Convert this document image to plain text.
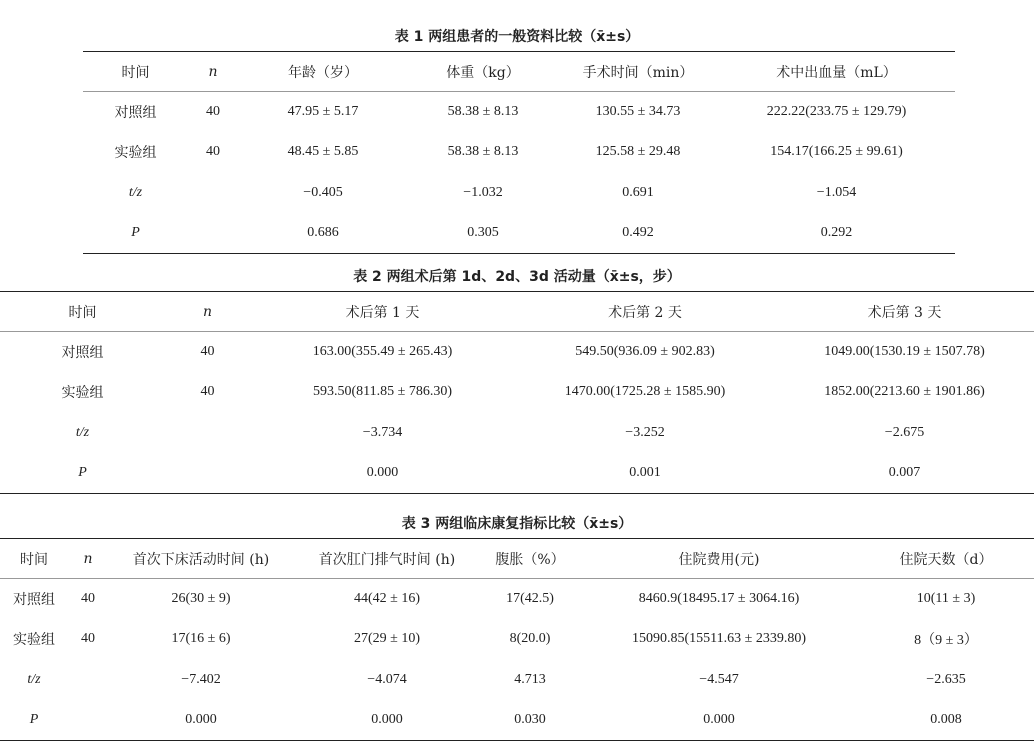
表 1 两组患者的一般资料比较（x̄±s）
时间	n	年龄（岁）	体重（kg）	手术时间（min）	术中出血量（mL）
对照组	40	47.95 ± 5.17	58.38 ± 8.13	130.55 ± 34.73	222.22(233.75 ± 129.79)
实验组	40	48.45 ± 5.85	58.38 ± 8.13	125.58 ± 29.48	154.17(166.25 ± 99.61)
t/z		−0.405	−1.032	0.691	−1.054
P		0.686	0.305	0.492	0.292
表 2 两组术后第 1d、2d、3d 活动量（x̄±s，步）
时间	n	术后第 1 天	术后第 2 天	术后第 3 天
对照组	40	163.00(355.49 ± 265.43)	549.50(936.09 ± 902.83)	1049.00(1530.19 ± 1507.78)
实验组	40	593.50(811.85 ± 786.30)	1470.00(1725.28 ± 1585.90)	1852.00(2213.60 ± 1901.86)
t/z		−3.734	−3.252	−2.675
P		0.000	0.001	0.007
表 3 两组临床康复指标比较（x̄±s）
时间	n	首次下床活动时间 (h)	首次肛门排气时间 (h)	腹胀（%）	住院费用(元)	住院天数（d）
对照组	40	26(30 ± 9)	44(42 ± 16)	17(42.5)	8460.9(18495.17 ± 3064.16)	10(11 ± 3)
实验组	40	17(16 ± 6)	27(29 ± 10)	8(20.0)	15090.85(15511.63 ± 2339.80)	8（9 ± 3）
t/z		−7.402	−4.074	4.713	−4.547	−2.635
P		0.000	0.000	0.030	0.000	0.008
